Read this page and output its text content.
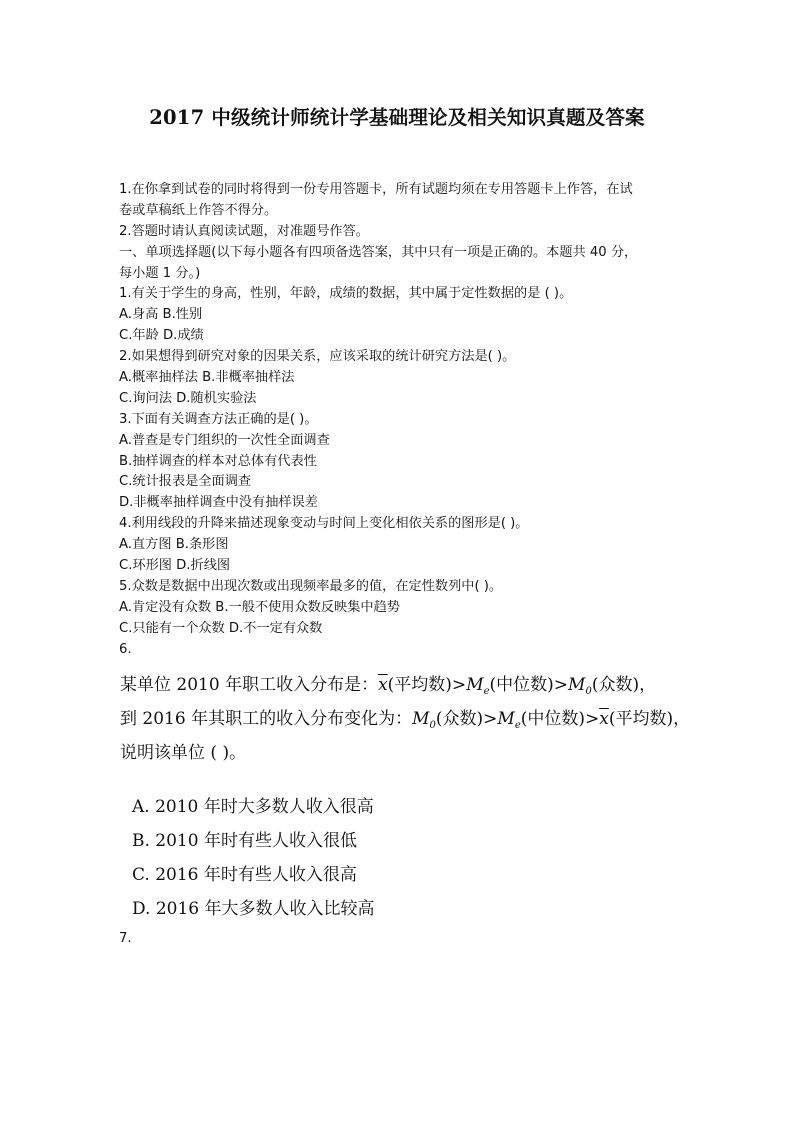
2017 中级统计师统计学基础理论及相关知识真题及答案
1.在你拿到试卷的同时将得到一份专用答题卡，所有试题均须在专用答题卡上作答，在试
卷或草稿纸上作答不得分。
2.答题时请认真阅读试题，对准题号作答。
一、单项选择题(以下每小题各有四项备选答案，其中只有一项是正确的。本题共 40 分，
每小题 1 分。)
1.有关于学生的身高，性别，年龄，成绩的数据，其中属于定性数据的是 ( )。
A.身高 B.性别
C.年龄 D.成绩
2.如果想得到研究对象的因果关系，应该采取的统计研究方法是( )。
A.概率抽样法 B.非概率抽样法
C.询问法 D.随机实验法
3.下面有关调查方法正确的是( )。
A.普查是专门组织的一次性全面调查
B.抽样调查的样本对总体有代表性
C.统计报表是全面调查
D.非概率抽样调查中没有抽样误差
4.利用线段的升降来描述现象变动与时间上变化相依关系的图形是( )。
A.直方图 B.条形图
C.环形图 D.折线图
5.众数是数据中出现次数或出现频率最多的值，在定性数列中( )。
A.肯定没有众数 B.一般不使用众数反映集中趋势
C.只能有一个众数 D.不一定有众数
6.
某单位 2010 年职工收入分布是：$\overline{x}$(平均数)$>M_e$(中位数)$>M_0$(众数)，
到 2016 年其职工的收入分布变化为：$M_0$(众数)$>M_e$(中位数)$>\overline{x}$(平均数)，
说明该单位 ( )。
A. 2010 年时大多数人收入很高
B. 2010 年时有些人收入很低
C. 2016 年时有些人收入很高
D. 2016 年大多数人收入比较高
7.
